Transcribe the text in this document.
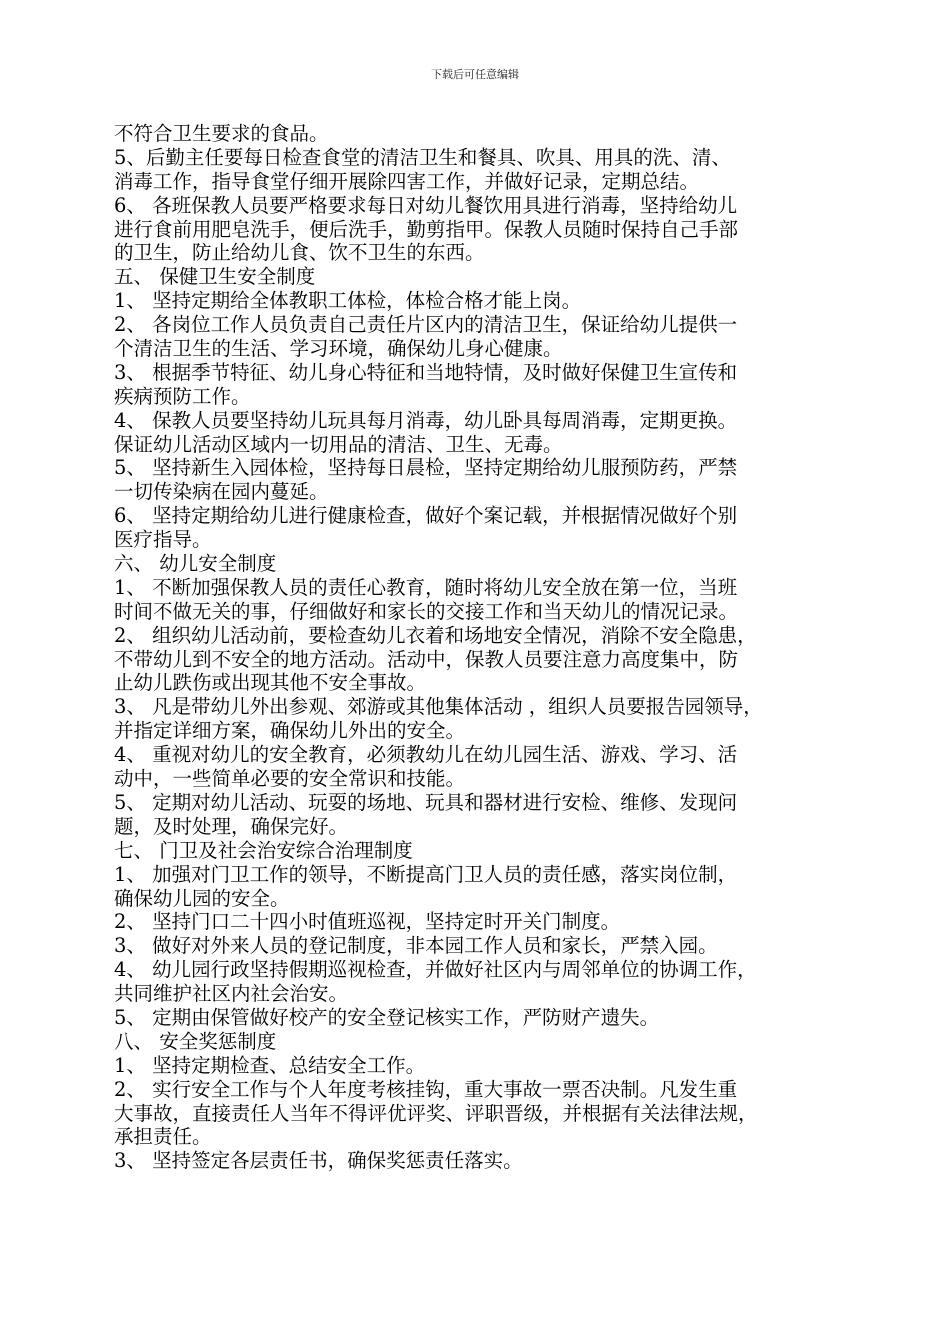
下载后可任意编辑
不符合卫生要求的食品。
5、后勤主任要每日检查食堂的清洁卫生和餐具、吹具、用具的洗、清、
消毒工作，指导食堂仔细开展除四害工作，并做好记录，定期总结。
6、 各班保教人员要严格要求每日对幼儿餐饮用具进行消毒，坚持给幼儿
进行食前用肥皂洗手，便后洗手，勤剪指甲。保教人员随时保持自己手部
的卫生，防止给幼儿食、饮不卫生的东西。
五、 保健卫生安全制度
1、 坚持定期给全体教职工体检，体检合格才能上岗。
2、 各岗位工作人员负责自己责任片区内的清洁卫生，保证给幼儿提供一
个清洁卫生的生活、学习环境，确保幼儿身心健康。
3、 根据季节特征、幼儿身心特征和当地特情，及时做好保健卫生宣传和
疾病预防工作。
4、 保教人员要坚持幼儿玩具每月消毒，幼儿卧具每周消毒，定期更换。
保证幼儿活动区域内一切用品的清洁、卫生、无毒。
5、 坚持新生入园体检，坚持每日晨检，坚持定期给幼儿服预防药，严禁
一切传染病在园内蔓延。
6、 坚持定期给幼儿进行健康检查，做好个案记载，并根据情况做好个别
医疗指导。
六、 幼儿安全制度
1、 不断加强保教人员的责任心教育，随时将幼儿安全放在第一位，当班
时间不做无关的事，仔细做好和家长的交接工作和当天幼儿的情况记录。
2、 组织幼儿活动前，要检查幼儿衣着和场地安全情况，消除不安全隐患，
不带幼儿到不安全的地方活动。活动中，保教人员要注意力高度集中，防
止幼儿跌伤或出现其他不安全事故。
3、 凡是带幼儿外出参观、郊游或其他集体活动 ，组织人员要报告园领导，
并指定详细方案，确保幼儿外出的安全。
4、 重视对幼儿的安全教育，必须教幼儿在幼儿园生活、游戏、学习、活
动中，一些简单必要的安全常识和技能。
5、 定期对幼儿活动、玩耍的场地、玩具和器材进行安检、维修、发现问
题，及时处理，确保完好。
七、 门卫及社会治安综合治理制度
1、 加强对门卫工作的领导，不断提高门卫人员的责任感，落实岗位制，
确保幼儿园的安全。
2、 坚持门口二十四小时值班巡视，坚持定时开关门制度。
3、 做好对外来人员的登记制度，非本园工作人员和家长，严禁入园。
4、 幼儿园行政坚持假期巡视检查，并做好社区内与周邻单位的协调工作，
共同维护社区内社会治安。
5、 定期由保管做好校产的安全登记核实工作，严防财产遗失。
八、 安全奖惩制度
1、 坚持定期检查、总结安全工作。
2、 实行安全工作与个人年度考核挂钩，重大事故一票否决制。凡发生重
大事故，直接责任人当年不得评优评奖、评职晋级，并根据有关法律法规，
承担责任。
3、 坚持签定各层责任书，确保奖惩责任落实。
